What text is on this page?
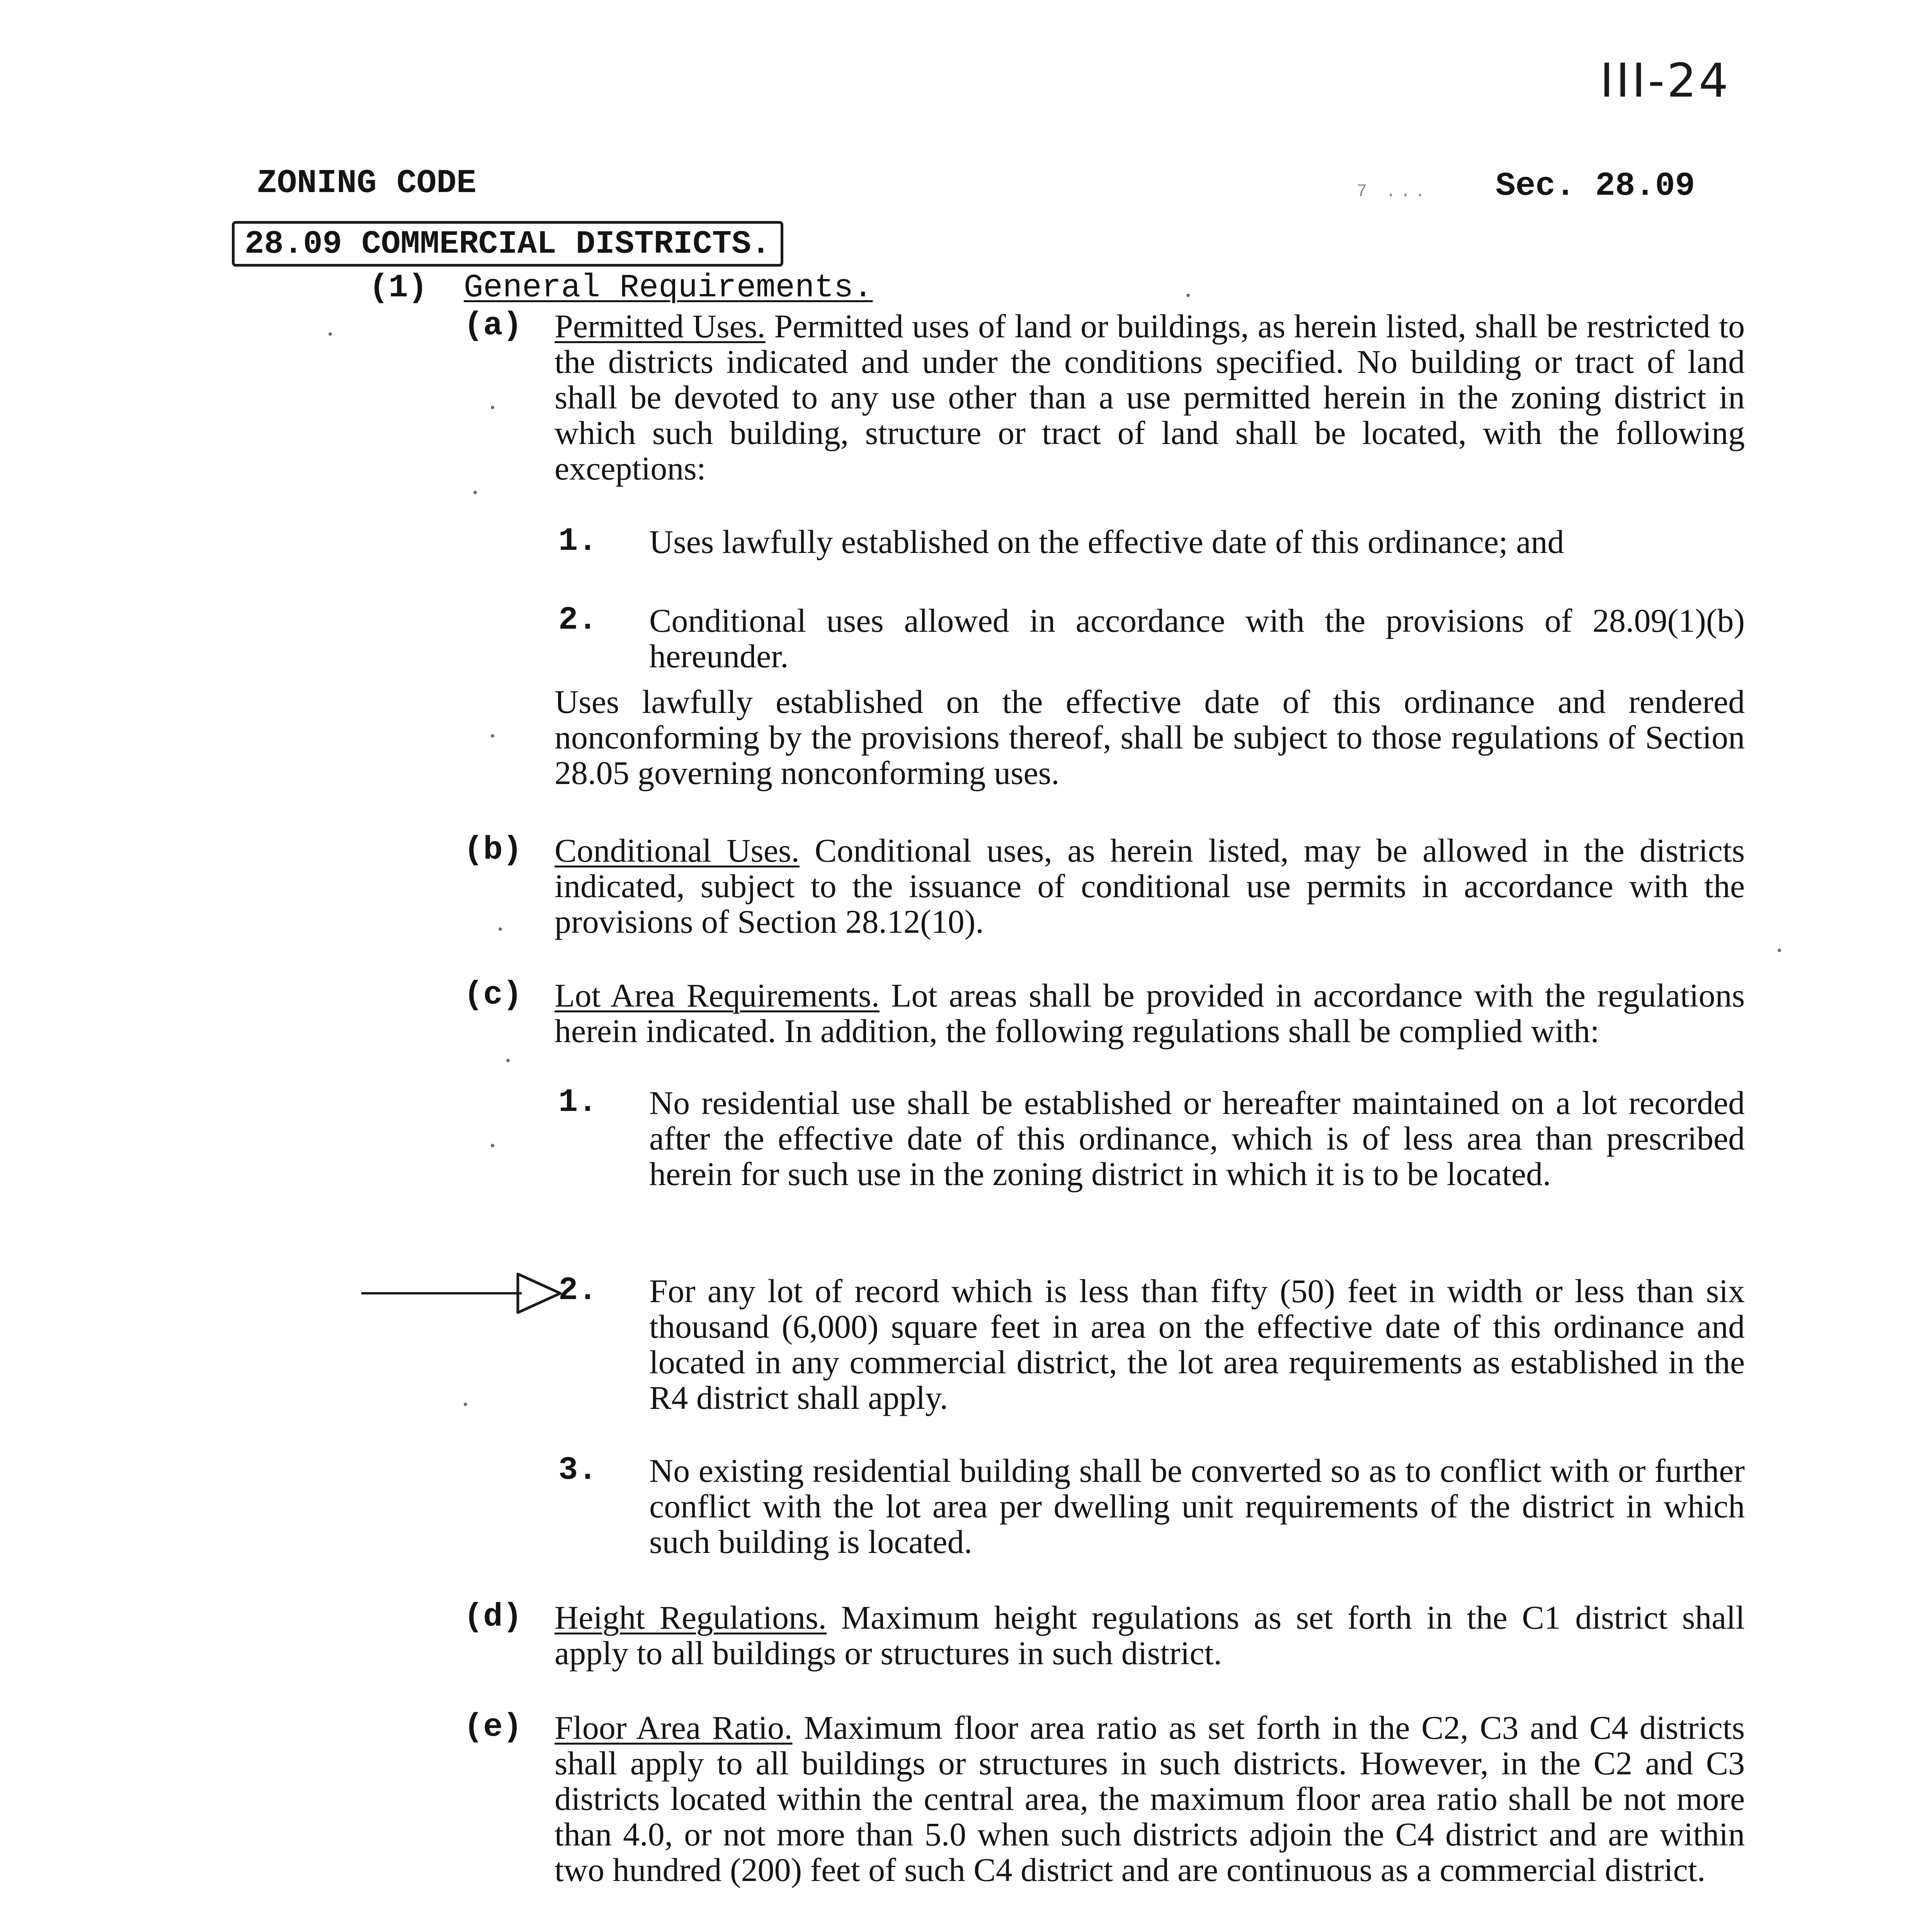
III-24
ZONING CODE	7 ... Sec. 28.09
28.09 COMMERCIAL DISTRICTS.
(1) General Requirements.
(a) Permitted Uses. Permitted uses of land or buildings, as herein listed, shall be restricted to the districts indicated and under the conditions specified. No building or tract of land shall be devoted to any use other than a use permitted herein in the zoning district in which such building, structure or tract of land shall be located, with the following exceptions:
1. Uses lawfully established on the effective date of this ordinance; and
2. Conditional uses allowed in accordance with the provisions of 28.09(1)(b) hereunder.
Uses lawfully established on the effective date of this ordinance and rendered nonconforming by the provisions thereof, shall be subject to those regulations of Section 28.05 governing nonconforming uses.
(b) Conditional Uses. Conditional uses, as herein listed, may be allowed in the districts indicated, subject to the issuance of conditional use permits in accordance with the provisions of Section 28.12(10).
(c) Lot Area Requirements. Lot areas shall be provided in accordance with the regulations herein indicated. In addition, the following regulations shall be complied with:
1. No residential use shall be established or hereafter maintained on a lot recorded after the effective date of this ordinance, which is of less area than prescribed herein for such use in the zoning district in which it is to be located.
2. For any lot of record which is less than fifty (50) feet in width or less than six thousand (6,000) square feet in area on the effective date of this ordinance and located in any commercial district, the lot area requirements as established in the R4 district shall apply.
3. No existing residential building shall be converted so as to conflict with or further conflict with the lot area per dwelling unit requirements of the district in which such building is located.
(d) Height Regulations. Maximum height regulations as set forth in the C1 district shall apply to all buildings or structures in such district.
(e) Floor Area Ratio. Maximum floor area ratio as set forth in the C2, C3 and C4 districts shall apply to all buildings or structures in such districts. However, in the C2 and C3 districts located within the central area, the maximum floor area ratio shall be not more than 4.0, or not more than 5.0 when such districts adjoin the C4 district and are within two hundred (200) feet of such C4 district and are continuous as a commercial district.
